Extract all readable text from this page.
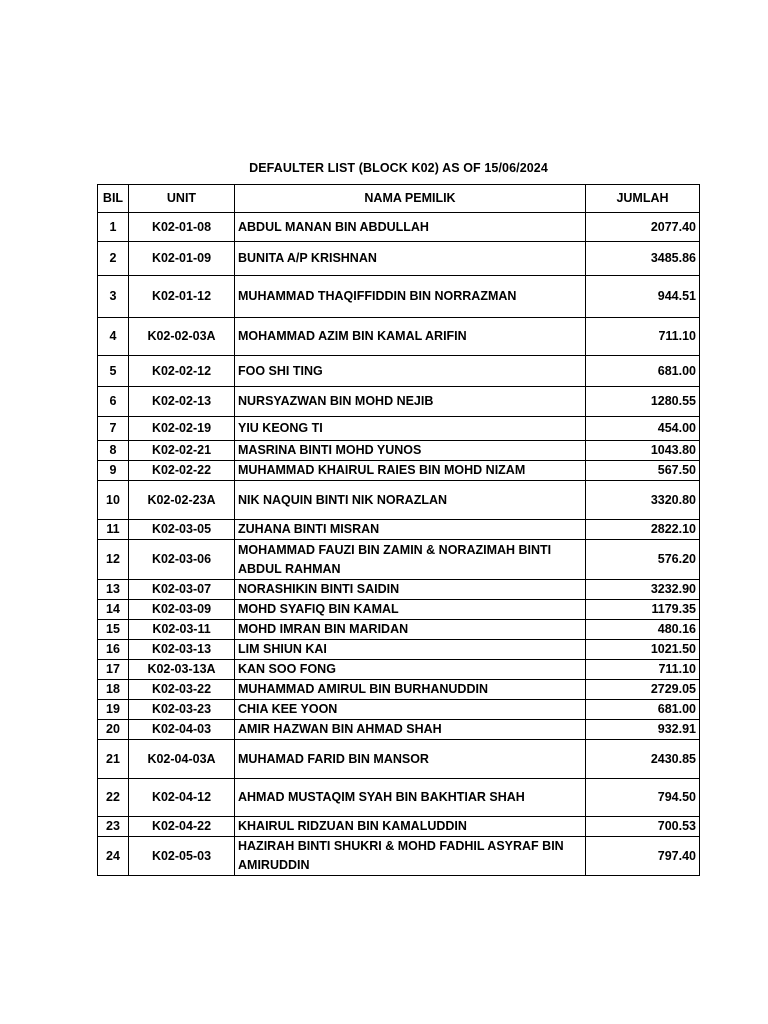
DEFAULTER LIST (BLOCK K02) AS OF 15/06/2024
BIL	UNIT	NAMA PEMILIK	JUMLAH
1	K02-01-08	ABDUL MANAN BIN ABDULLAH	2077.40
2	K02-01-09	BUNITA A/P KRISHNAN	3485.86
3	K02-01-12	MUHAMMAD THAQIFFIDDIN BIN NORRAZMAN	944.51
4	K02-02-03A	MOHAMMAD AZIM BIN KAMAL ARIFIN	711.10
5	K02-02-12	FOO SHI TING	681.00
6	K02-02-13	NURSYAZWAN BIN MOHD NEJIB	1280.55
7	K02-02-19	YIU KEONG TI	454.00
8	K02-02-21	MASRINA BINTI MOHD YUNOS	1043.80
9	K02-02-22	MUHAMMAD KHAIRUL RAIES BIN MOHD NIZAM	567.50
10	K02-02-23A	NIK NAQUIN BINTI NIK NORAZLAN	3320.80
11	K02-03-05	ZUHANA BINTI MISRAN	2822.10
12	K02-03-06	MOHAMMAD FAUZI BIN ZAMIN & NORAZIMAH BINTI ABDUL RAHMAN	576.20
13	K02-03-07	NORASHIKIN BINTI SAIDIN	3232.90
14	K02-03-09	MOHD SYAFIQ BIN KAMAL	1179.35
15	K02-03-11	MOHD IMRAN BIN MARIDAN	480.16
16	K02-03-13	LIM SHIUN KAI	1021.50
17	K02-03-13A	KAN SOO FONG	711.10
18	K02-03-22	MUHAMMAD AMIRUL BIN BURHANUDDIN	2729.05
19	K02-03-23	CHIA KEE YOON	681.00
20	K02-04-03	AMIR HAZWAN BIN AHMAD SHAH	932.91
21	K02-04-03A	MUHAMAD FARID BIN MANSOR	2430.85
22	K02-04-12	AHMAD MUSTAQIM SYAH BIN BAKHTIAR SHAH	794.50
23	K02-04-22	KHAIRUL RIDZUAN BIN KAMALUDDIN	700.53
24	K02-05-03	HAZIRAH BINTI SHUKRI & MOHD FADHIL ASYRAF BIN AMIRUDDIN	797.40
